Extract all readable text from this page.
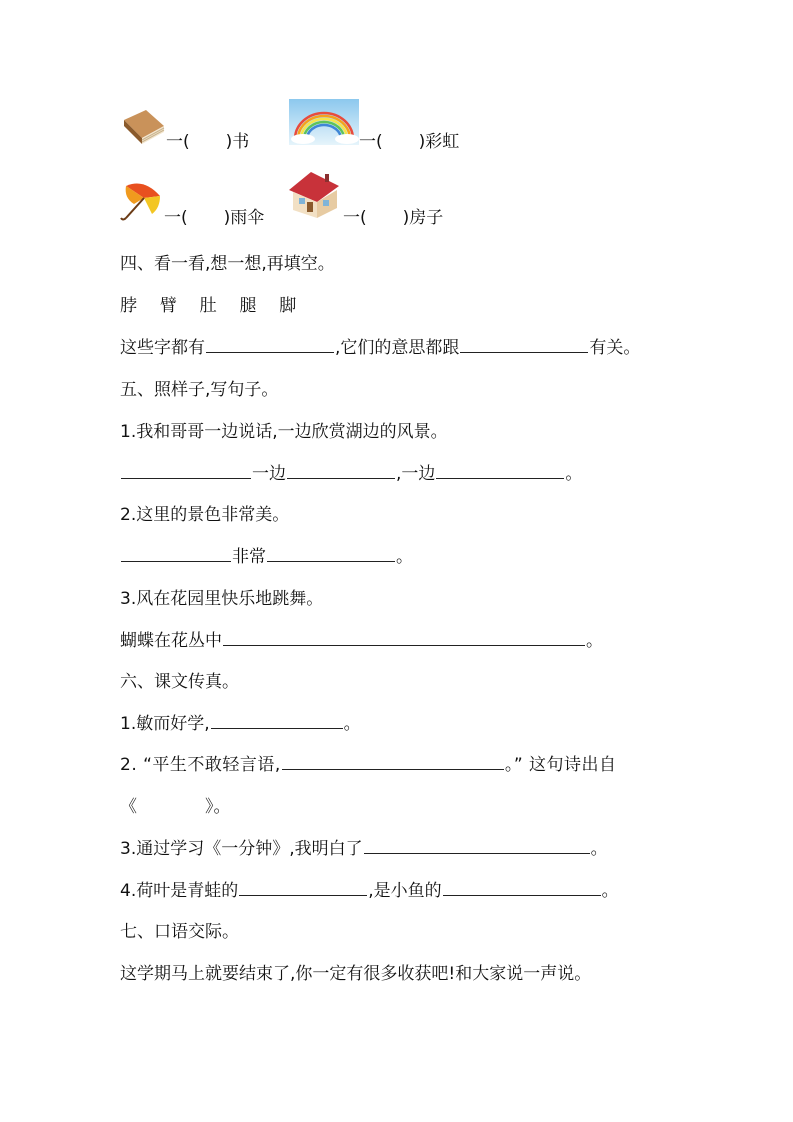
一( )书	一( )彩虹
一( )雨伞	一( )房子
四、看一看,想一想,再填空。
脖 臂 肚 腿 脚
这些字都有	,它们的意思都跟	有关。
五、照样子,写句子。
1.我和哥哥一边说话,一边欣赏湖边的风景。
一边	,一边	。
2.这里的景色非常美。
非常	。
3.风在花园里快乐地跳舞。
蝴蝶在花丛中	。
六、课文传真。
1.敏而好学,	。
2. “平生不敢轻言语,	。” 这句诗出自
《	》。
3.通过学习《一分钟》,我明白了	。
4.荷叶是青蛙的	,是小鱼的	。
七、口语交际。
这学期马上就要结束了,你一定有很多收获吧!和大家说一声说。
